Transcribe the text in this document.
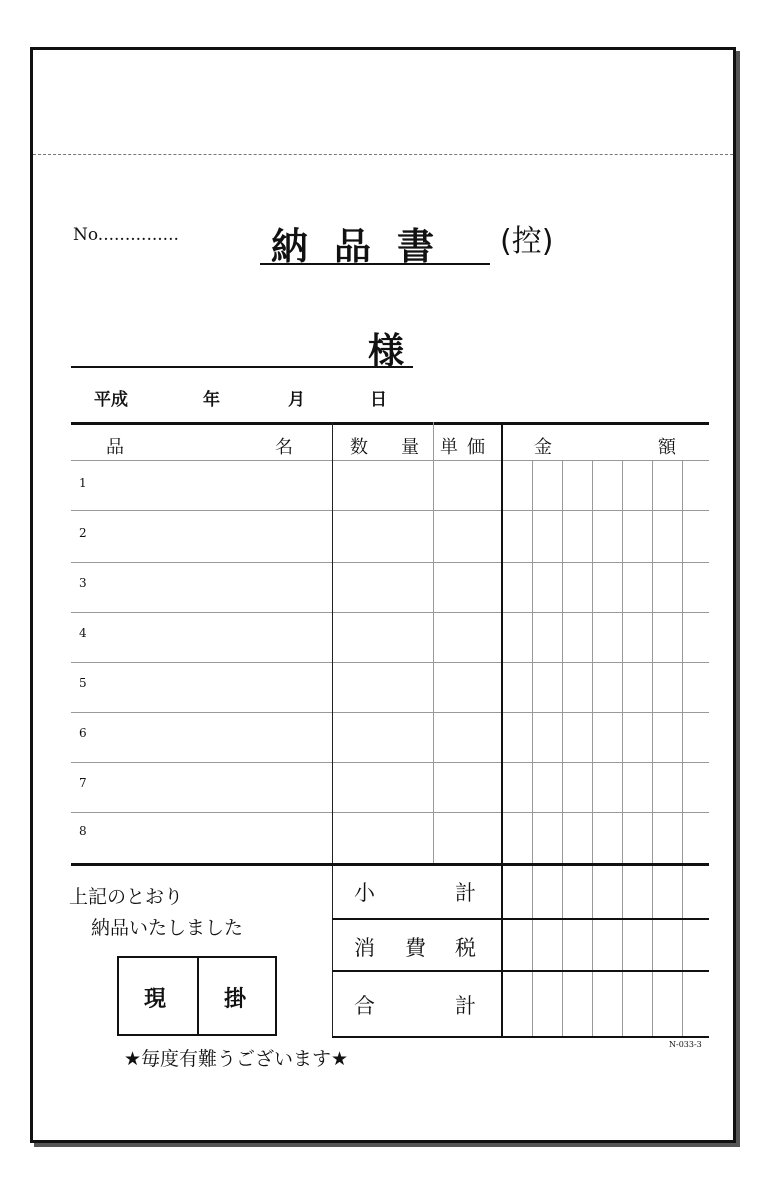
No............... 納品書 (控)
様
平成	年	月	日
品	名	数 量 単 価	金	額
1
2
3
4
5
6
7
8
小	計
消 費 税
合	計
上記のとおり
納品いたしました
現	掛
★毎度有難うございます★
N-033-3
